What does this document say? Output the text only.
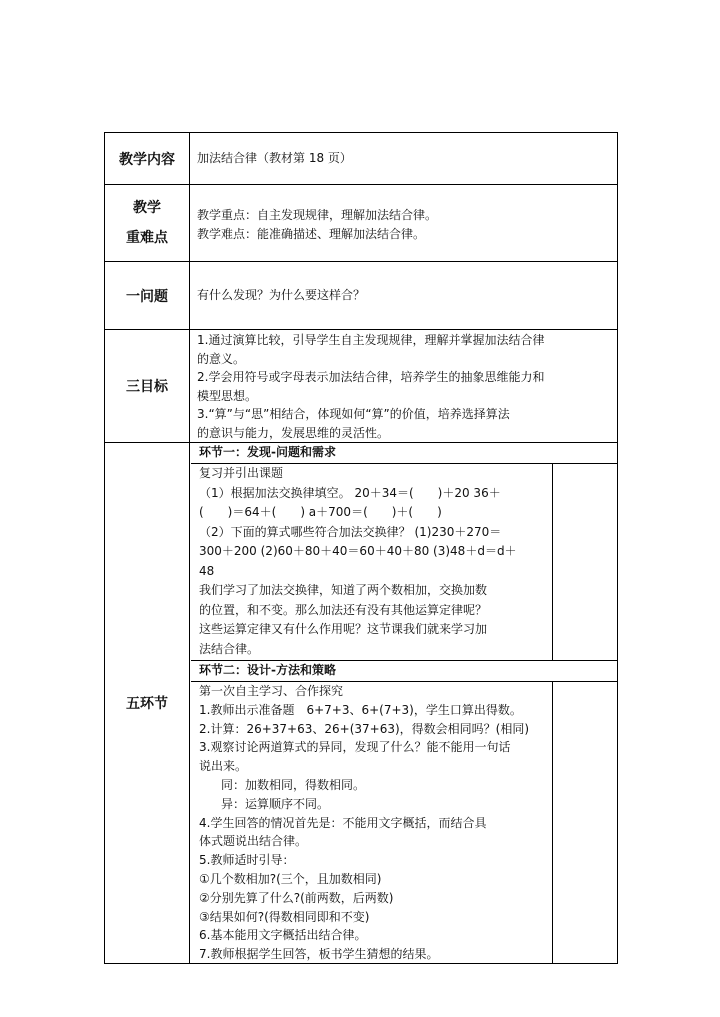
教学内容	加法结合律（教材第 18 页）
教学
重难点
教学重点：自主发现规律，理解加法结合律。
教学难点：能准确描述、理解加法结合律。
一问题	有什么发现？为什么要这样合？
三目标
1.通过演算比较，引导学生自主发现规律，理解并掌握加法结合律
的意义。
2.学会用符号或字母表示加法结合律，培养学生的抽象思维能力和
模型思想。
3.“算”与“思”相结合，体现如何“算”的价值，培养选择算法
的意识与能力，发展思维的灵活性。
五环节
环节一：发现-问题和需求
复习并引出课题
（1）根据加法交换律填空。 20＋34＝(　　)＋20 36＋
(　　)＝64＋(　　) a＋700＝(　　)＋(　　)
（2）下面的算式哪些符合加法交换律？ (1)230＋270＝
300＋200 (2)60＋80＋40＝60＋40＋80 (3)48＋d＝d＋
48
我们学习了加法交换律，知道了两个数相加，交换加数
的位置，和不变。那么加法还有没有其他运算定律呢？
这些运算定律又有什么作用呢？这节课我们就来学习加
法结合律。
环节二：设计-方法和策略
第一次自主学习、合作探究
1.教师出示准备题　6+7+3、6+(7+3)，学生口算出得数。
2.计算：26+37+63、26+(37+63)，得数会相同吗？(相同)
3.观察讨论两道算式的异同，发现了什么？能不能用一句话
说出来。
同：加数相同，得数相同。
异：运算顺序不同。
4.学生回答的情况首先是：不能用文字概括，而结合具
体式题说出结合律。
5.教师适时引导：
①几个数相加?(三个，且加数相同)
②分别先算了什么?(前两数，后两数)
③结果如何?(得数相同即和不变)
6.基本能用文字概括出结合律。
7.教师根据学生回答，板书学生猜想的结果。
